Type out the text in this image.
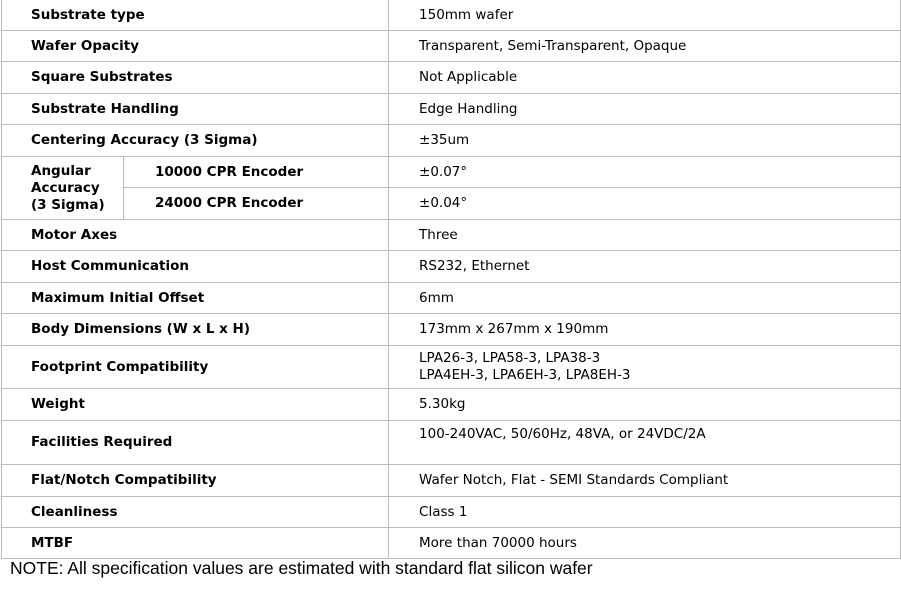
Substrate type		150mm wafer
Wafer Opacity		Transparent, Semi-Transparent, Opaque
Square Substrates		Not Applicable
Substrate Handling		Edge Handling
Centering Accuracy (3 Sigma)		±35um

Angular
Accuracy
(3 Sigma)	10000 CPR Encoder	±0.07°
	24000 CPR Encoder	±0.04°
Motor Axes		Three
Host Communication		RS232, Ethernet
Maximum Initial Offset		6mm
Body Dimensions (W x L x H)		173mm x 267mm x 190mm
Footprint Compatibility		LPA26-3, LPA58-3, LPA38-3
LPA4EH-3, LPA6EH-3, LPA8EH-3

Weight		5.30kg
Facilities Required		100-240VAC, 50/60Hz, 48VA, or 24VDC/2A
Flat/Notch Compatibility		Wafer Notch, Flat - SEMI Standards Compliant
Cleanliness		Class 1
MTBF		More than 70000 hours
NOTE: All specification values are estimated with standard flat silicon wafer
